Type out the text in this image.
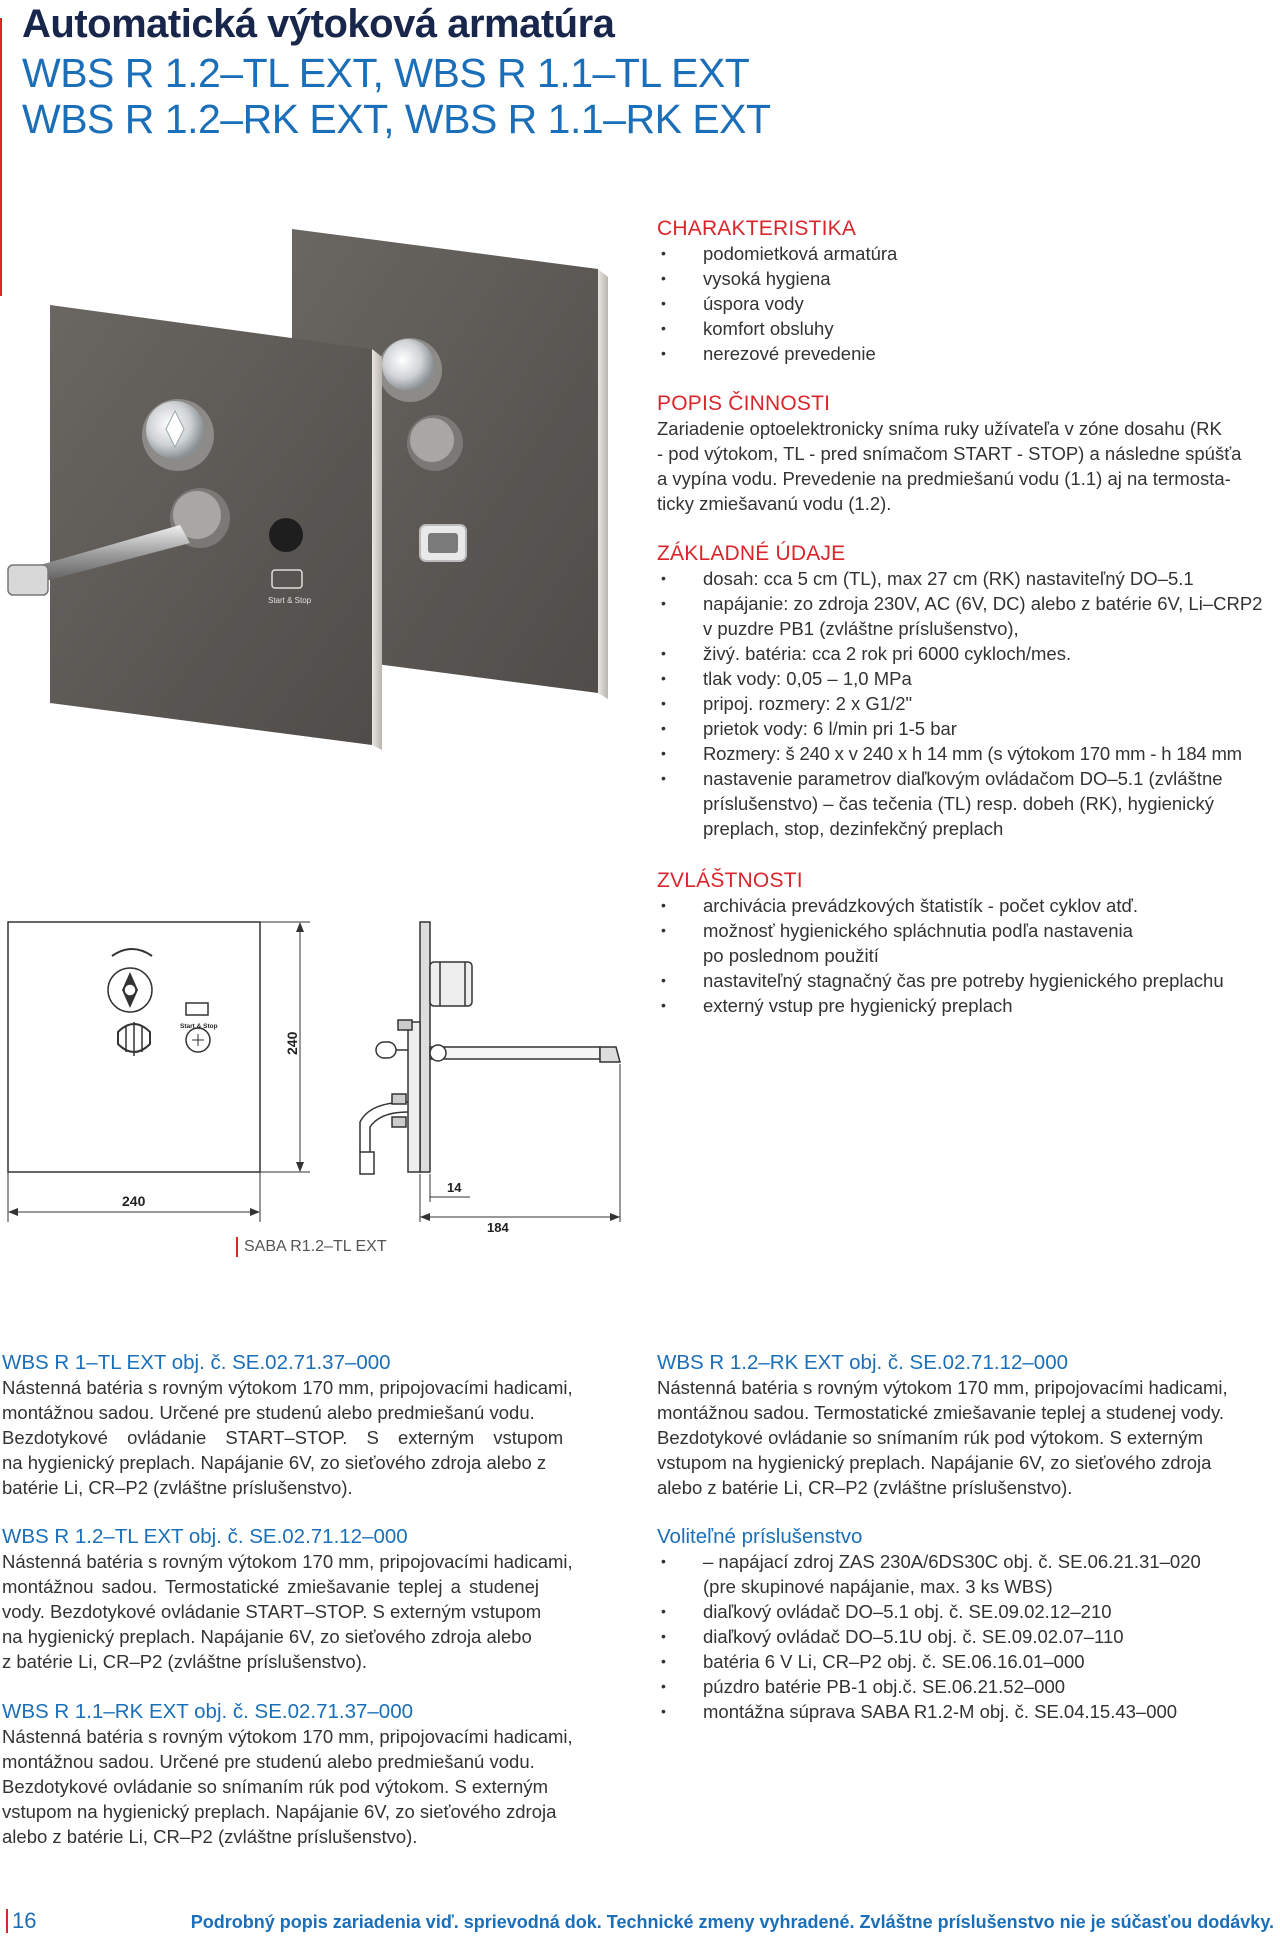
Automatická výtoková armatúra
WBS R 1.2–TL EXT, WBS R 1.1–TL EXT
WBS R 1.2–RK EXT, WBS R 1.1–RK EXT
Start & Stop
CHARAKTERISTIKA
• podomietková armatúra
• vysoká hygiena
• úspora vody
• komfort obsluhy
• nerezové prevedenie
POPIS ČINNOSTI
Zariadenie optoelektronicky sníma ruky užívateľa v zóne dosahu (RK
- pod výtokom, TL - pred snímačom START - STOP) a následne spúšťa
a vypína vodu. Prevedenie na predmiešanú vodu (1.1) aj na termosta-
ticky zmiešavanú vodu (1.2).
ZÁKLADNÉ ÚDAJE
• dosah: cca 5 cm (TL), max 27 cm (RK) nastaviteľný DO–5.1
• napájanie: zo zdroja 230V, AC (6V, DC) alebo z batérie 6V, Li–CRP2
v puzdre PB1 (zvláštne príslušenstvo),
• živý. batéria: cca 2 rok pri 6000 cykloch/mes.
• tlak vody: 0,05 – 1,0 MPa
• pripoj. rozmery: 2 x G1/2"
• prietok vody: 6 l/min pri 1-5 bar
• Rozmery: š 240 x v 240 x h 14 mm (s výtokom 170 mm - h 184 mm
• nastavenie parametrov diaľkovým ovládačom DO–5.1 (zvláštne
príslušenstvo) – čas tečenia (TL) resp. dobeh (RK), hygienický
preplach, stop, dezinfekčný preplach
ZVLÁŠTNOSTI
• archivácia prevádzkových štatistík - počet cyklov atď.
• možnosť hygienického spláchnutia podľa nastavenia
po poslednom použití
• nastaviteľný stagnačný čas pre potreby hygienického preplachu
• externý vstup pre hygienický preplach
240
240
14
184
Start & Stop
SABA R1.2–TL EXT
WBS R 1–TL EXT obj. č. SE.02.71.37–000
Nástenná batéria s rovným výtokom 170 mm, pripojovacími hadicami,
montážnou sadou. Určené pre studenú alebo predmiešanú vodu.
Bezdotykové ovládanie START–STOP. S externým vstupom
na hygienický preplach. Napájanie 6V, zo sieťového zdroja alebo z
batérie Li, CR–P2 (zvláštne príslušenstvo).
WBS R 1.2–TL EXT obj. č. SE.02.71.12–000
Nástenná batéria s rovným výtokom 170 mm, pripojovacími hadicami,
montážnou sadou. Termostatické zmiešavanie teplej a studenej
vody. Bezdotykové ovládanie START–STOP. S externým vstupom
na hygienický preplach. Napájanie 6V, zo sieťového zdroja alebo
z batérie Li, CR–P2 (zvláštne príslušenstvo).
WBS R 1.1–RK EXT obj. č. SE.02.71.37–000
Nástenná batéria s rovným výtokom 170 mm, pripojovacími hadicami,
montážnou sadou. Určené pre studenú alebo predmiešanú vodu.
Bezdotykové ovládanie so snímaním rúk pod výtokom. S externým
vstupom na hygienický preplach. Napájanie 6V, zo sieťového zdroja
alebo z batérie Li, CR–P2 (zvláštne príslušenstvo).
WBS R 1.2–RK EXT obj. č. SE.02.71.12–000
Nástenná batéria s rovným výtokom 170 mm, pripojovacími hadicami,
montážnou sadou. Termostatické zmiešavanie teplej a studenej vody.
Bezdotykové ovládanie so snímaním rúk pod výtokom. S externým
vstupom na hygienický preplach. Napájanie 6V, zo sieťového zdroja
alebo z batérie Li, CR–P2 (zvláštne príslušenstvo).
Voliteľné príslušenstvo
• – napájací zdroj ZAS 230A/6DS30C obj. č. SE.06.21.31–020
(pre skupinové napájanie, max. 3 ks WBS)
• diaľkový ovládač DO–5.1 obj. č. SE.09.02.12–210
• diaľkový ovládač DO–5.1U obj. č. SE.09.02.07–110
• batéria 6 V Li, CR–P2 obj. č. SE.06.16.01–000
• púzdro batérie PB-1 obj.č. SE.06.21.52–000
• montážna súprava SABA R1.2-M obj. č. SE.04.15.43–000
16	Podrobný popis zariadenia viď. sprievodná dok. Technické zmeny vyhradené. Zvláštne príslušenstvo nie je súčasťou dodávky.
